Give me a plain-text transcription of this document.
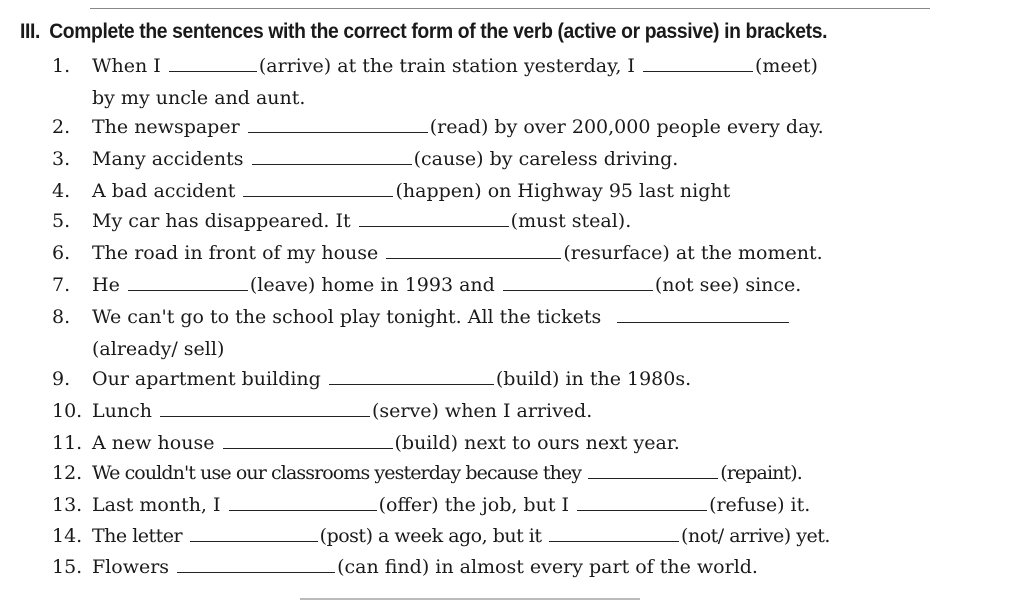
III. Complete the sentences with the correct form of the verb (active or passive) in brackets.
1. When I	(arrive) at the train station yesterday, I	(meet)
by my uncle and aunt.
2. The newspaper	(read) by over 200,000 people every day.
3. Many accidents	(cause) by careless driving.
4. A bad accident	(happen) on Highway 95 last night
5. My car has disappeared. It	(must steal).
6. The road in front of my house	(resurface) at the moment.
7. He	(leave) home in 1993 and	(not see) since.
8. We can't go to the school play tonight. All the tickets
(already/ sell)
9. Our apartment building	(build) in the 1980s.
10. Lunch	(serve) when I arrived.
11. A new house	(build) next to ours next year.
12. We couldn't use our classrooms yesterday because they	(repaint).
13. Last month, I	(offer) the job, but I	(refuse) it.
14. The letter	(post) a week ago, but it	(not/ arrive) yet.
15. Flowers	(can find) in almost every part of the world.
